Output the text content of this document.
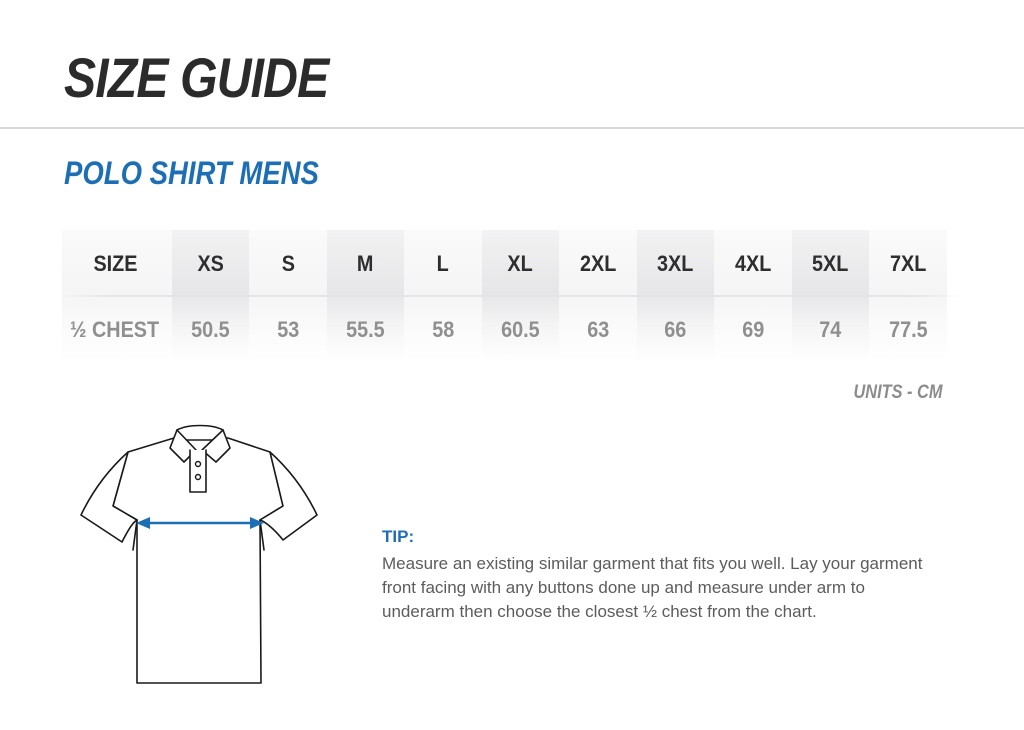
SIZE GUIDE
POLO SHIRT MENS
SIZE	XS	S	M	L	XL	2XL	3XL	4XL	5XL	7XL
½ CHEST	50.5	53	55.5	58	60.5	63	66	69	74	77.5
UNITS - CM
TIP:
Measure an existing similar garment that fits you well. Lay your garment front facing with any buttons done up and measure under arm to underarm then choose the closest ½ chest from the chart.
